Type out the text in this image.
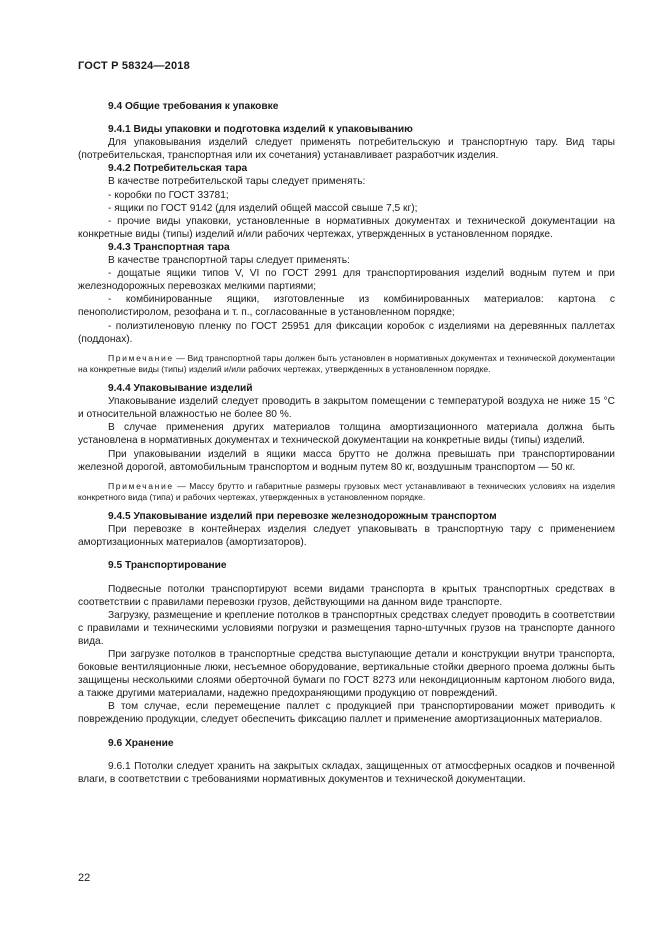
ГОСТ Р 58324—2018

9.4 Общие требования к упаковке

9.4.1 Виды упаковки и подготовка изделий к упаковыванию

Для упаковывания изделий следует применять потребительскую и транспортную тару. Вид тары (потребительская, транспортная или их сочетания) устанавливает разработчик изделия.

9.4.2 Потребительская тара

В качестве потребительской тары следует применять:

- коробки по ГОСТ 33781;

- ящики по ГОСТ 9142 (для изделий общей массой свыше 7,5 кг);

- прочие виды упаковки, установленные в нормативных документах и технической документации на конкретные виды (типы) изделий и/или рабочих чертежах, утвержденных в установленном порядке.

9.4.3 Транспортная тара

В качестве транспортной тары следует применять:

- дощатые ящики типов V, VI по ГОСТ 2991 для транспортирования изделий водным путем и при железнодорожных перевозках мелкими партиями;

- комбинированные ящики, изготовленные из комбинированных материалов: картона с пенополистиролом, резофана и т. п., согласованные в установленном порядке;

- полиэтиленовую пленку по ГОСТ 25951 для фиксации коробок с изделиями на деревянных паллетах (поддонах).

Примечание — Вид транспортной тары должен быть установлен в нормативных документах и технической документации на конкретные виды (типы) изделий и/или рабочих чертежах, утвержденных в установленном порядке.

9.4.4 Упаковывание изделий

Упаковывание изделий следует проводить в закрытом помещении с температурой воздуха не ниже 15 °С и относительной влажностью не более 80 %.

В случае применения других материалов толщина амортизационного материала должна быть установлена в нормативных документах и технической документации на конкретные виды (типы) изделий.

При упаковывании изделий в ящики масса брутто не должна превышать при транспортировании железной дорогой, автомобильным транспортом и водным путем 80 кг, воздушным транспортом — 50 кг.

Примечание — Массу брутто и габаритные размеры грузовых мест устанавливают в технических условиях на изделия конкретного вида (типа) и рабочих чертежах, утвержденных в установленном порядке.

9.4.5 Упаковывание изделий при перевозке железнодорожным транспортом

При перевозке в контейнерах изделия следует упаковывать в транспортную тару с применением амортизационных материалов (амортизаторов).

9.5 Транспортирование

Подвесные потолки транспортируют всеми видами транспорта в крытых транспортных средствах в соответствии с правилами перевозки грузов, действующими на данном виде транспорте.

Загрузку, размещение и крепление потолков в транспортных средствах следует проводить в соответствии с правилами и техническими условиями погрузки и размещения тарно-штучных грузов на транспорте данного вида.

При загрузке потолков в транспортные средства выступающие детали и конструкции внутри транспорта, боковые вентиляционные люки, несъемное оборудование, вертикальные стойки дверного проема должны быть защищены несколькими слоями оберточной бумаги по ГОСТ 8273 или некондиционным картоном любого вида, а также другими материалами, надежно предохраняющими продукцию от повреждений.

В том случае, если перемещение паллет с продукцией при транспортировании может приводить к повреждению продукции, следует обеспечить фиксацию паллет и применение амортизационных материалов.

9.6 Хранение

9.6.1 Потолки следует хранить на закрытых складах, защищенных от атмосферных осадков и почвенной влаги, в соответствии с требованиями нормативных документов и технической документации.

22
